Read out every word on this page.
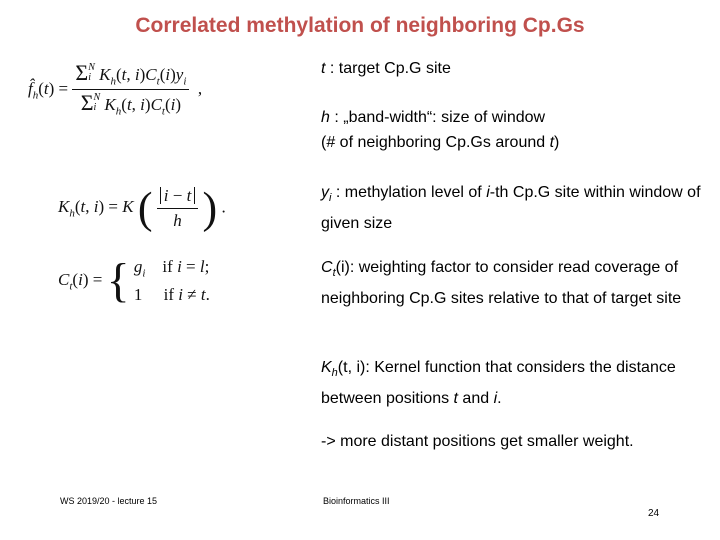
Correlated methylation of neighboring Cp.Gs
$f̂_h(t) = \Sigma$ N
i $K_h(t$, $i)C_t(i)y_i$
Σ N
i $K_h(t$, $i)C_t(i)$ ,
$K_h(t$, i) = K ( $\frac{i - t}{h}$ ) .
$C_t(i)$ = { $g_i$    if i = l;
1     if i ≠ t.
t : target Cp.G site
h : „band-width“: size of window
(# of neighboring Cp.Gs around t)
$y_i$ : methylation level of i-th Cp.G site within window of given size
$C_t(i)$: weighting factor to consider read coverage of neighboring Cp.G sites relative to that of target site
$K_h(t$, i): Kernel function that considers the distance between positions t and i.
-> more distant positions get smaller weight.
WS 2019/20 - lecture 15	Bioinformatics III
24
